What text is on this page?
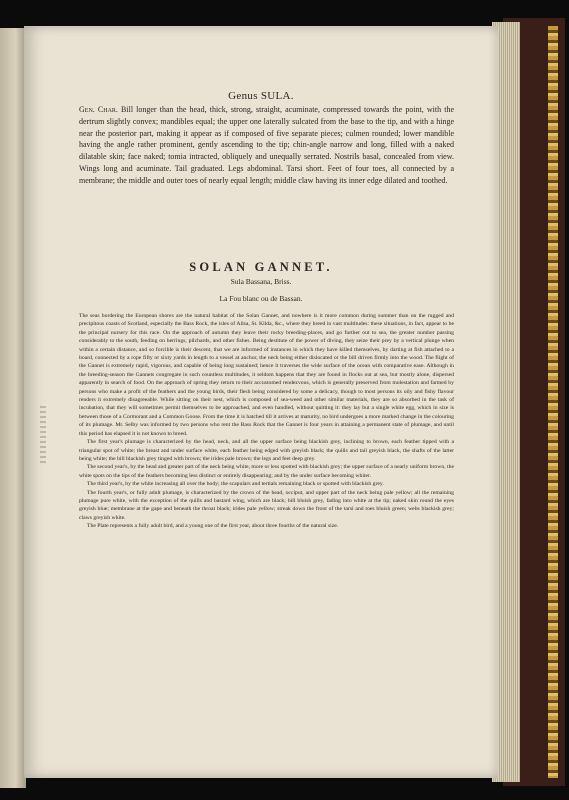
Genus SULA.
Gen. Char. Bill longer than the head, thick, strong, straight, acuminate, compressed towards the point, with the dertrum slightly convex; mandibles equal; the upper one laterally sulcated from the base to the tip, and with a hinge near the posterior part, making it appear as if composed of five separate pieces; culmen rounded; lower mandible having the angle rather prominent, gently ascending to the tip; chin-angle narrow and long, filled with a naked dilatable skin; face naked; tomia intracted, obliquely and unequally serrated. Nostrils basal, concealed from view. Wings long and acuminate. Tail graduated. Legs abdominal. Tarsi short. Feet of four toes, all connected by a membrane; the middle and outer toes of nearly equal length; middle claw having its inner edge dilated and toothed.
SOLAN GANNET.
Sula Bassana, Briss.
La Fou blanc ou de Bassan.

The seas bordering the European shores are the natural habitat of the Solan Gannet, and nowhere is it more common during summer than on the rugged and precipitous coasts of Scotland, especially the Bass Rock, the isles of Ailsa, St. Kilda, &c., where they breed in vast multitudes: these situations, in fact, appear to be the principal nursery for this race. On the approach of autumn they leave their rocky breeding-places, and go further out to sea, the greater number passing considerably to the south, feeding on herrings, pilchards, and other fishes. Being destitute of the power of diving, they seize their prey by a vertical plunge when within a certain distance, and so forcible is their descent, that we are informed of instances in which they have killed themselves, by darting at fish attached to a board, connected by a rope fifty or sixty yards in length to a vessel at anchor, the neck being either dislocated or the bill driven firmly into the wood. The flight of the Gannet is extremely rapid, vigorous, and capable of being long sustained; hence it traverses the wide surface of the ocean with comparative ease. Although in the breeding-season the Gannets congregate in such countless multitudes, it seldom happens that they are found in flocks out at sea, but mostly alone, dispersed apparently in search of food. On the approach of spring they return to their accustomed rendezvous, which is generally preserved from molestation and farmed by persons who make a profit of the feathers and the young birds, their flesh being considered by some a delicacy, though to most persons its oily and fishy flavour renders it extremely disagreeable. While sitting on their nest, which is composed of sea-weed and other similar materials, they are so absorbed in the task of incubation, that they will sometimes permit themselves to be approached, and even handled, without quitting it: they lay but a single white egg, which in size is between those of a Cormorant and a Common Goose. From the time it is hatched till it arrives at maturity, no bird undergoes a more marked change in the colouring of its plumage. Mr. Selby was informed by two persons who rent the Bass Rock that the Gannet is four years in attaining a permanent state of plumage, and until this period has elapsed it is not known to breed.

The first year's plumage is characterized by the head, neck, and all the upper surface being blackish grey, inclining to brown, each feather tipped with a triangular spot of white; the breast and under surface white, each feather being edged with greyish black; the quills and tail greyish black, the shafts of the latter being white; the bill blackish grey tinged with brown; the irides pale brown; the legs and feet deep grey.

The second year's, by the head and greater part of the neck being white, more or less spotted with blackish grey; the upper surface of a nearly uniform brown, the white spots on the tips of the feathers becoming less distinct or entirely disappearing; and by the under surface becoming whiter.

The third year's, by the white increasing all over the body; the scapulars and tertials remaining black or spotted with blackish grey.

The fourth year's, or fully adult plumage, is characterized by the crown of the head, occiput, and upper part of the neck being pale yellow; all the remaining plumage pure white, with the exception of the quills and bastard wing, which are black; bill bluish grey, fading into white at the tip; naked skin round the eyes greyish blue; membrane at the gape and beneath the throat black; irides pale yellow; streak down the front of the tarsi and toes bluish green; webs blackish grey; claws greyish white.

The Plate represents a fully adult bird, and a young one of the first year, about three fourths of the natural size.
